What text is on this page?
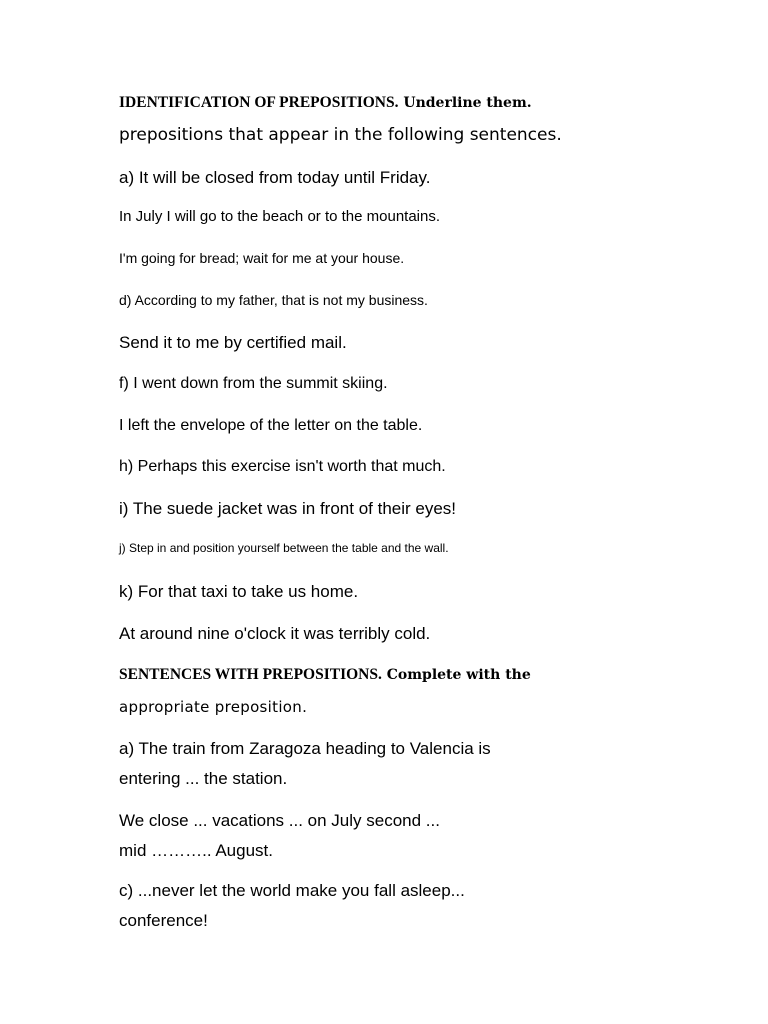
IDENTIFICATION OF PREPOSITIONS. Underline them.
prepositions that appear in the following sentences.
a) It will be closed from today until Friday.
In July I will go to the beach or to the mountains.
I'm going for bread; wait for me at your house.
d) According to my father, that is not my business.
Send it to me by certified mail.
f) I went down from the summit skiing.
I left the envelope of the letter on the table.
h) Perhaps this exercise isn't worth that much.
i) The suede jacket was in front of their eyes!
j) Step in and position yourself between the table and the wall.
k) For that taxi to take us home.
At around nine o'clock it was terribly cold.
SENTENCES WITH PREPOSITIONS. Complete with the
appropriate preposition.
a) The train from Zaragoza heading to Valencia is
entering ... the station.
We close ... vacations ... on July second ...
mid ……….. August.
c) ...never let the world make you fall asleep...
conference!
